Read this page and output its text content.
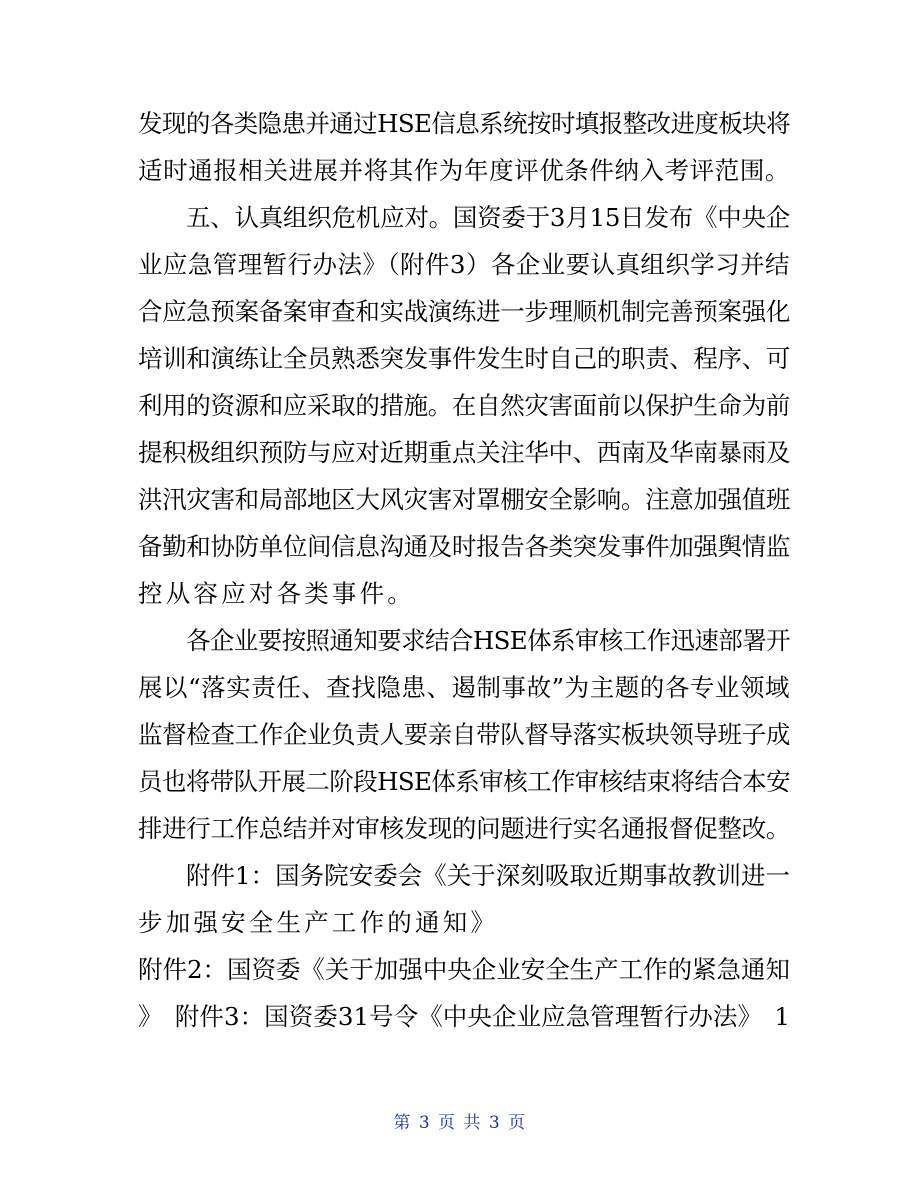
发现的各类隐患并通过HSE信息系统按时填报整改进度板块将
适时通报相关进展并将其作为年度评优条件纳入考评范围。
五、认真组织危机应对。国资委于3月15日发布《中央企
业应急管理暂行办法》（附件3）各企业要认真组织学习并结
合应急预案备案审查和实战演练进一步理顺机制完善预案强化
培训和演练让全员熟悉突发事件发生时自己的职责、程序、可
利用的资源和应采取的措施。在自然灾害面前以保护生命为前
提积极组织预防与应对近期重点关注华中、西南及华南暴雨及
洪汛灾害和局部地区大风灾害对罩棚安全影响。注意加强值班
备勤和协防单位间信息沟通及时报告各类突发事件加强舆情监
控从容应对各类事件。
各企业要按照通知要求结合HSE体系审核工作迅速部署开
展以“落实责任、查找隐患、遏制事故”为主题的各专业领域
监督检查工作企业负责人要亲自带队督导落实板块领导班子成
员也将带队开展二阶段HSE体系审核工作审核结束将结合本安
排进行工作总结并对审核发现的问题进行实名通报督促整改。
附件1：国务院安委会《关于深刻吸取近期事故教训进一
步加强安全生产工作的通知》
附件2：国资委《关于加强中央企业安全生产工作的紧急通知
》　附件3：国资委31号令《中央企业应急管理暂行办法》　1
第 3 页 共 3 页
